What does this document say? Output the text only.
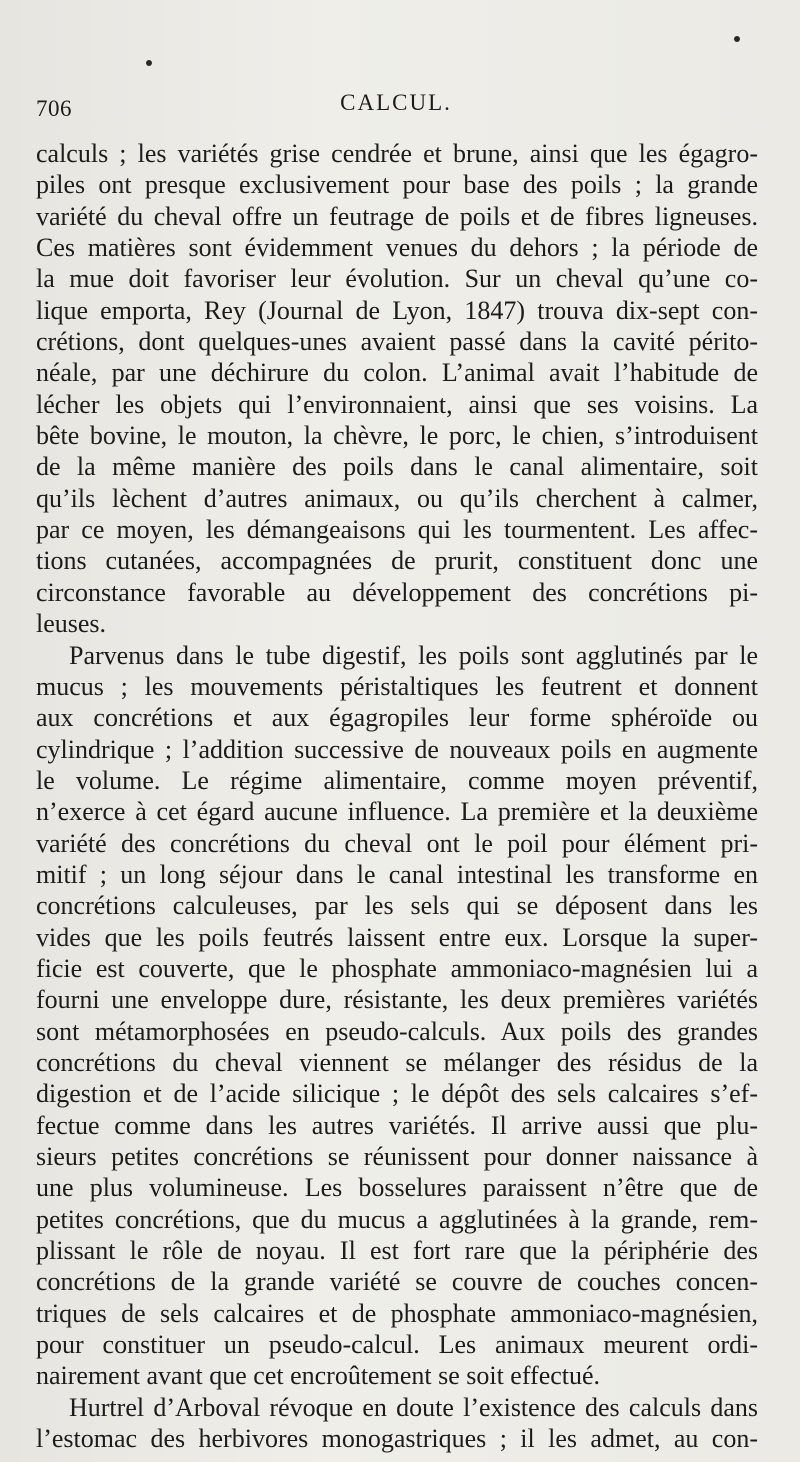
706	CALCUL.
calculs ; les variétés grise cendrée et brune, ainsi que les égagro-
piles ont presque exclusivement pour base des poils ; la grande
variété du cheval offre un feutrage de poils et de fibres ligneuses.
Ces matières sont évidemment venues du dehors ; la période de
la mue doit favoriser leur évolution. Sur un cheval qu’une co-
lique emporta, Rey (Journal de Lyon, 1847) trouva dix-sept con-
crétions, dont quelques-unes avaient passé dans la cavité périto-
néale, par une déchirure du colon. L’animal avait l’habitude de
lécher les objets qui l’environnaient, ainsi que ses voisins. La
bête bovine, le mouton, la chèvre, le porc, le chien, s’introduisent
de la même manière des poils dans le canal alimentaire, soit
qu’ils lèchent d’autres animaux, ou qu’ils cherchent à calmer,
par ce moyen, les démangeaisons qui les tourmentent. Les affec-
tions cutanées, accompagnées de prurit, constituent donc une
circonstance favorable au développement des concrétions pi-
leuses.
Parvenus dans le tube digestif, les poils sont agglutinés par le
mucus ; les mouvements péristaltiques les feutrent et donnent
aux concrétions et aux égagropiles leur forme sphéroïde ou
cylindrique ; l’addition successive de nouveaux poils en augmente
le volume. Le régime alimentaire, comme moyen préventif,
n’exerce à cet égard aucune influence. La première et la deuxième
variété des concrétions du cheval ont le poil pour élément pri-
mitif ; un long séjour dans le canal intestinal les transforme en
concrétions calculeuses, par les sels qui se déposent dans les
vides que les poils feutrés laissent entre eux. Lorsque la super-
ficie est couverte, que le phosphate ammoniaco-magnésien lui a
fourni une enveloppe dure, résistante, les deux premières variétés
sont métamorphosées en pseudo-calculs. Aux poils des grandes
concrétions du cheval viennent se mélanger des résidus de la
digestion et de l’acide silicique ; le dépôt des sels calcaires s’ef-
fectue comme dans les autres variétés. Il arrive aussi que plu-
sieurs petites concrétions se réunissent pour donner naissance à
une plus volumineuse. Les bosselures paraissent n’être que de
petites concrétions, que du mucus a agglutinées à la grande, rem-
plissant le rôle de noyau. Il est fort rare que la périphérie des
concrétions de la grande variété se couvre de couches concen-
triques de sels calcaires et de phosphate ammoniaco-magnésien,
pour constituer un pseudo-calcul. Les animaux meurent ordi-
nairement avant que cet encroûtement se soit effectué.
Hurtrel d’Arboval révoque en doute l’existence des calculs dans
l’estomac des herbivores monogastriques ; il les admet, au con-
